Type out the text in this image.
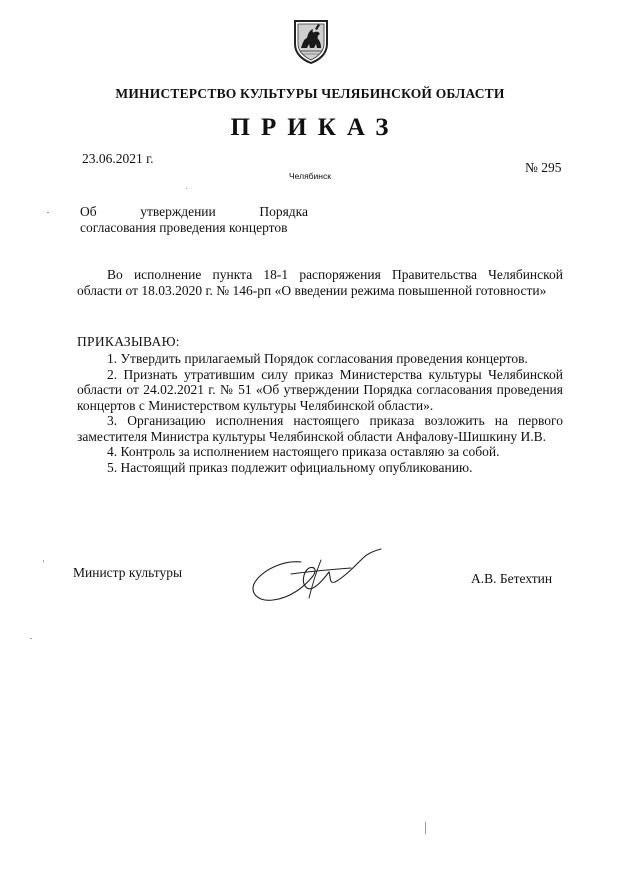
МИНИСТЕРСТВО КУЛЬТУРЫ ЧЕЛЯБИНСКОЙ ОБЛАСТИ
ПРИКАЗ
23.06.2021 г.
Челябинск
№ 295
Об утверждении Порядка
согласования проведения концертов

Во исполнение пункта 18-1 распоряжения Правительства Челябинской области от 18.03.2020 г. № 146-рп «О введении режима повышенной готовности»

ПРИКАЗЫВАЮ:

1. Утвердить прилагаемый Порядок согласования проведения концертов.

2. Признать утратившим силу приказ Министерства культуры Челябинской области от 24.02.2021 г. № 51 «Об утверждении Порядка согласования проведения концертов с Министерством культуры Челябинской области».

3. Организацию исполнения настоящего приказа возложить на первого заместителя Министра культуры Челябинской области Анфалову-Шишкину И.В.

4. Контроль за исполнением настоящего приказа оставляю за собой.

5. Настоящий приказ подлежит официальному опубликованию.

Министр культуры	А.В. Бетехтин
